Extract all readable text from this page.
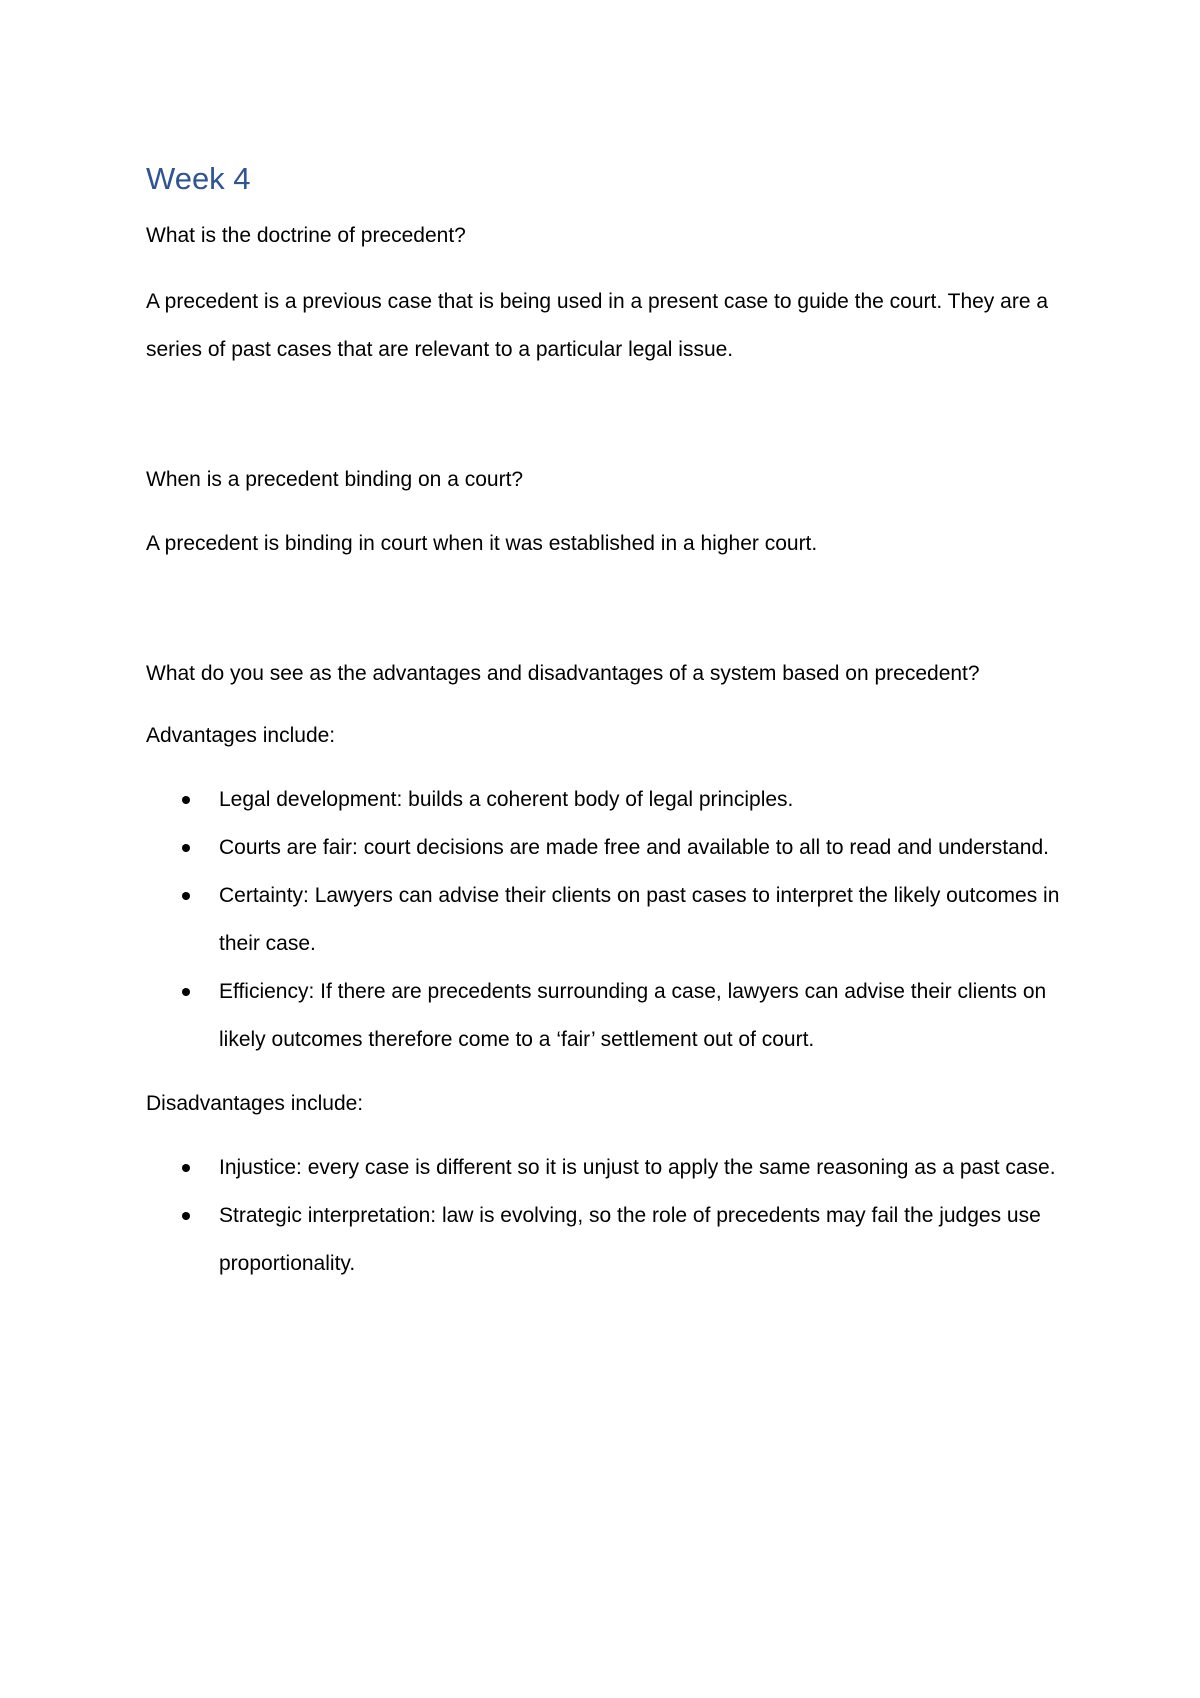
Week 4

What is the doctrine of precedent?

A precedent is a previous case that is being used in a present case to guide the court. They are a series of past cases that are relevant to a particular legal issue.

When is a precedent binding on a court?

A precedent is binding in court when it was established in a higher court.

What do you see as the advantages and disadvantages of a system based on precedent?

Advantages include:

Legal development: builds a coherent body of legal principles.
Courts are fair: court decisions are made free and available to all to read and understand.
Certainty: Lawyers can advise their clients on past cases to interpret the likely outcomes in their case.
Efficiency: If there are precedents surrounding a case, lawyers can advise their clients on likely outcomes therefore come to a ‘fair’ settlement out of court.

Disadvantages include:

Injustice: every case is different so it is unjust to apply the same reasoning as a past case.
Strategic interpretation: law is evolving, so the role of precedents may fail the judges use proportionality.
